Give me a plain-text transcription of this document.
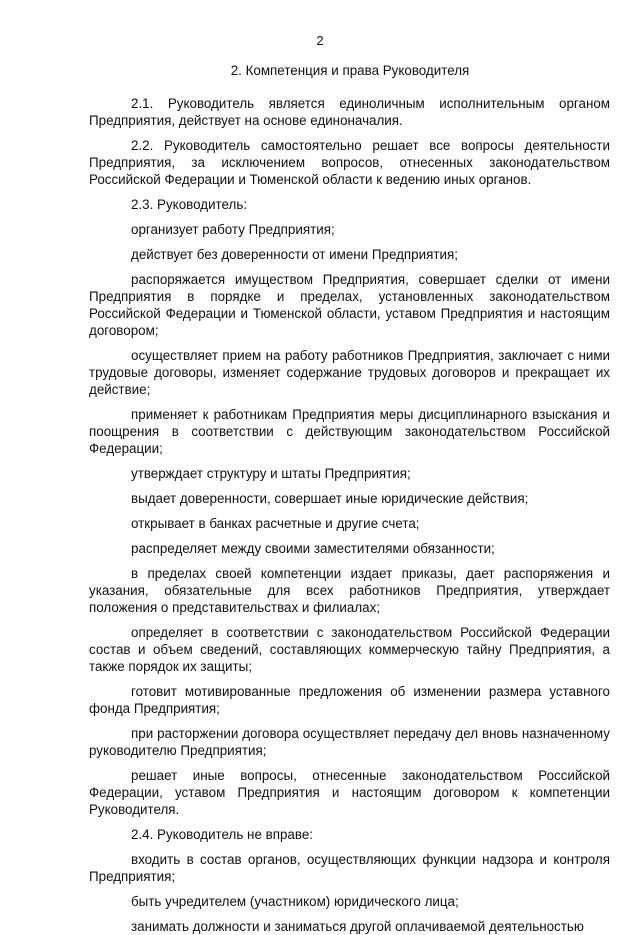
2
2. Компетенция и права Руководителя

2.1. Руководитель является единоличным исполнительным органом Предприятия, действует на основе единоначалия.

2.2. Руководитель самостоятельно решает все вопросы деятельности Предприятия, за исключением вопросов, отнесенных законодательством Российской Федерации и Тюменской области к ведению иных органов.

2.3. Руководитель:

организует работу Предприятия;

действует без доверенности от имени Предприятия;

распоряжается имуществом Предприятия, совершает сделки от имени Предприятия в порядке и пределах, установленных законодательством Российской Федерации и Тюменской области, уставом Предприятия и настоящим договором;

осуществляет прием на работу работников Предприятия, заключает с ними трудовые договоры, изменяет содержание трудовых договоров и прекращает их действие;

применяет к работникам Предприятия меры дисциплинарного взыскания и поощрения в соответствии с действующим законодательством Российской Федерации;

утверждает структуру и штаты Предприятия;

выдает доверенности, совершает иные юридические действия;

открывает в банках расчетные и другие счета;

распределяет между своими заместителями обязанности;

в пределах своей компетенции издает приказы, дает распоряжения и указания, обязательные для всех работников Предприятия, утверждает положения о представительствах и филиалах;

определяет в соответствии с законодательством Российской Федерации состав и объем сведений, составляющих коммерческую тайну Предприятия, а также порядок их защиты;

готовит мотивированные предложения об изменении размера уставного фонда Предприятия;

при расторжении договора осуществляет передачу дел вновь назначенному руководителю Предприятия;

решает иные вопросы, отнесенные законодательством Российской Федерации, уставом Предприятия и настоящим договором к компетенции Руководителя.

2.4. Руководитель не вправе:

входить в состав органов, осуществляющих функции надзора и контроля Предприятия;

быть учредителем (участником) юридического лица;

занимать должности и заниматься другой оплачиваемой деятельностью
